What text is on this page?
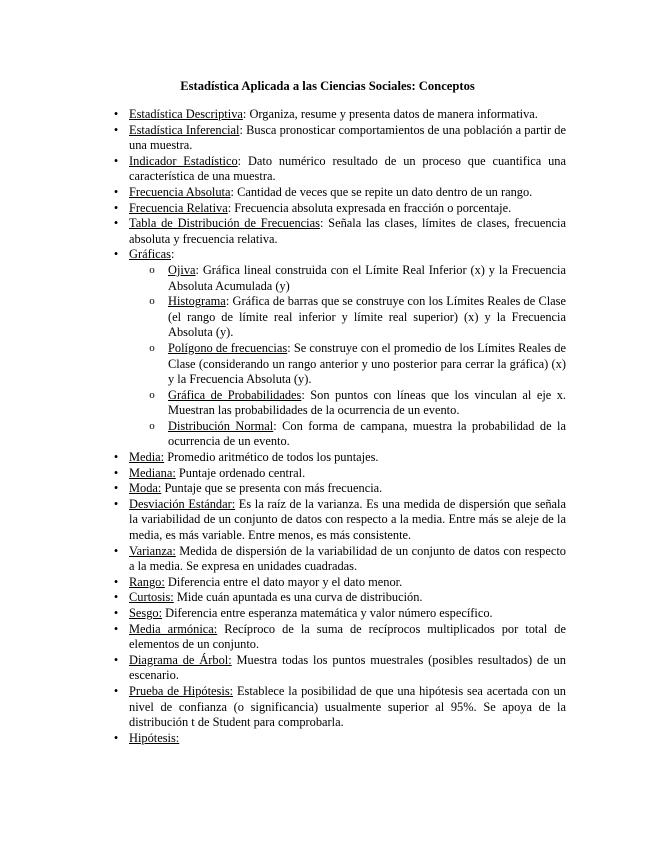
Estadística Aplicada a las Ciencias Sociales: Conceptos
• Estadística Descriptiva: Organiza, resume y presenta datos de manera informativa.
• Estadística Inferencial: Busca pronosticar comportamientos de una población a partir de una muestra.
• Indicador Estadístico: Dato numérico resultado de un proceso que cuantifica una característica de una muestra.
• Frecuencia Absoluta: Cantidad de veces que se repite un dato dentro de un rango.
• Frecuencia Relativa: Frecuencia absoluta expresada en fracción o porcentaje.
• Tabla de Distribución de Frecuencias: Señala las clases, límites de clases, frecuencia absoluta y frecuencia relativa.
• Gráficas:
o Ojiva: Gráfica lineal construida con el Límite Real Inferior (x) y la Frecuencia Absoluta Acumulada (y)
o Histograma: Gráfica de barras que se construye con los Límites Reales de Clase (el rango de límite real inferior y límite real superior) (x) y la Frecuencia Absoluta (y).
o Polígono de frecuencias: Se construye con el promedio de los Límites Reales de Clase (considerando un rango anterior y uno posterior para cerrar la gráfica) (x) y la Frecuencia Absoluta (y).
o Gráfica de Probabilidades: Son puntos con líneas que los vinculan al eje x. Muestran las probabilidades de la ocurrencia de un evento.
o Distribución Normal: Con forma de campana, muestra la probabilidad de la ocurrencia de un evento.
• Media: Promedio aritmético de todos los puntajes.
• Mediana: Puntaje ordenado central.
• Moda: Puntaje que se presenta con más frecuencia.
• Desviación Estándar: Es la raíz de la varianza. Es una medida de dispersión que señala la variabilidad de un conjunto de datos con respecto a la media. Entre más se aleje de la media, es más variable. Entre menos, es más consistente.
• Varianza: Medida de dispersión de la variabilidad de un conjunto de datos con respecto a la media. Se expresa en unidades cuadradas.
• Rango: Diferencia entre el dato mayor y el dato menor.
• Curtosis: Mide cuán apuntada es una curva de distribución.
• Sesgo: Diferencia entre esperanza matemática y valor número específico.
• Media armónica: Recíproco de la suma de recíprocos multiplicados por total de elementos de un conjunto.
• Diagrama de Árbol: Muestra todas los puntos muestrales (posibles resultados) de un escenario.
• Prueba de Hipótesis: Establece la posibilidad de que una hipótesis sea acertada con un nivel de confianza (o significancia) usualmente superior al 95%. Se apoya de la distribución t de Student para comprobarla.
• Hipótesis:
